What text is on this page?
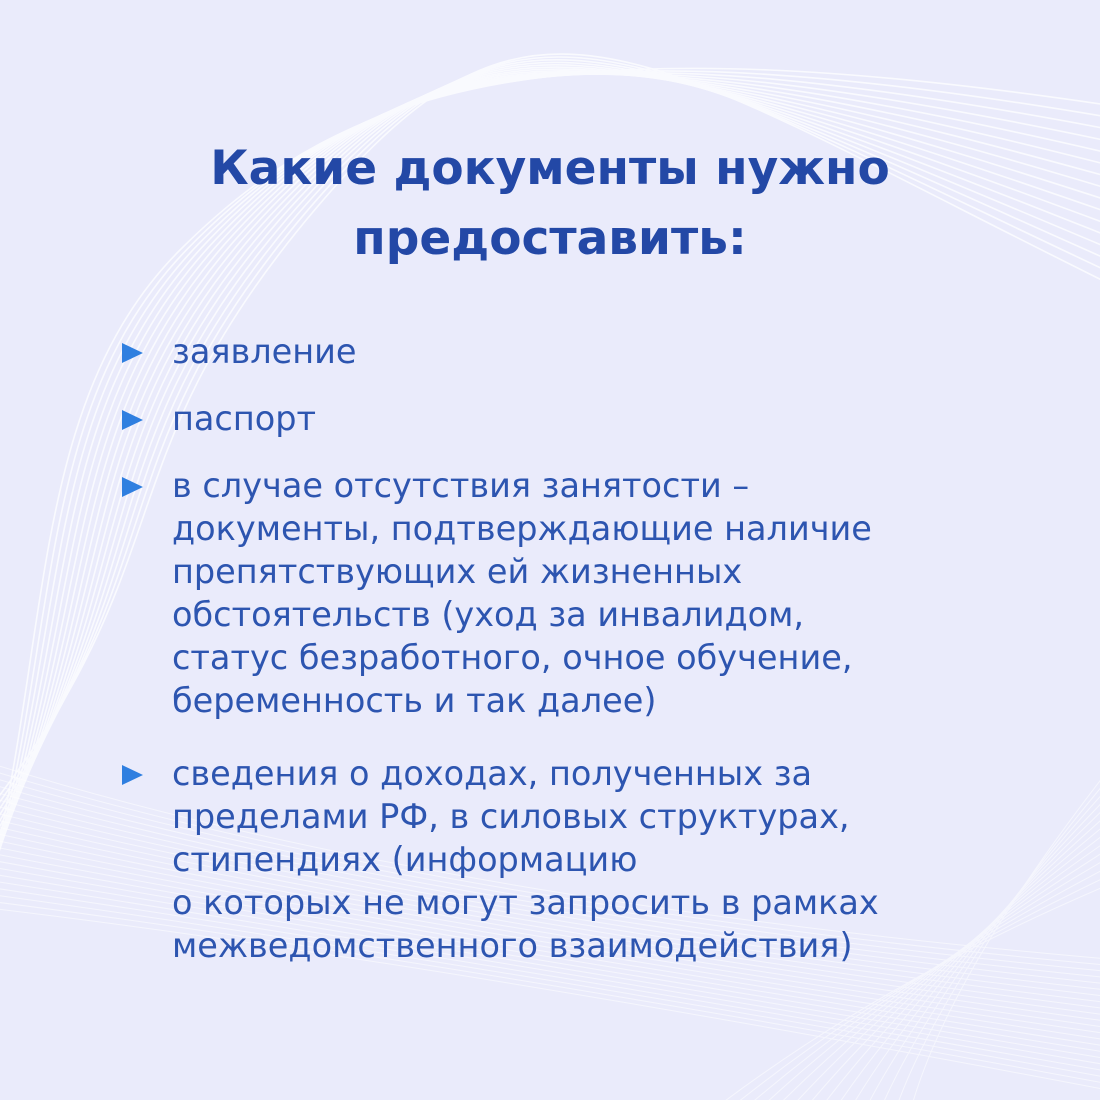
Какие документы нужно
предоставить:
заявление
паспорт
в случае отсутствия занятости –
документы, подтверждающие наличие
препятствующих ей жизненных
обстоятельств (уход за инвалидом,
статус безработного, очное обучение,
беременность и так далее)
сведения о доходах, полученных за
пределами РФ, в силовых структурах,
стипендиях (информацию
о которых не могут запросить в рамках
межведомственного взаимодействия)
